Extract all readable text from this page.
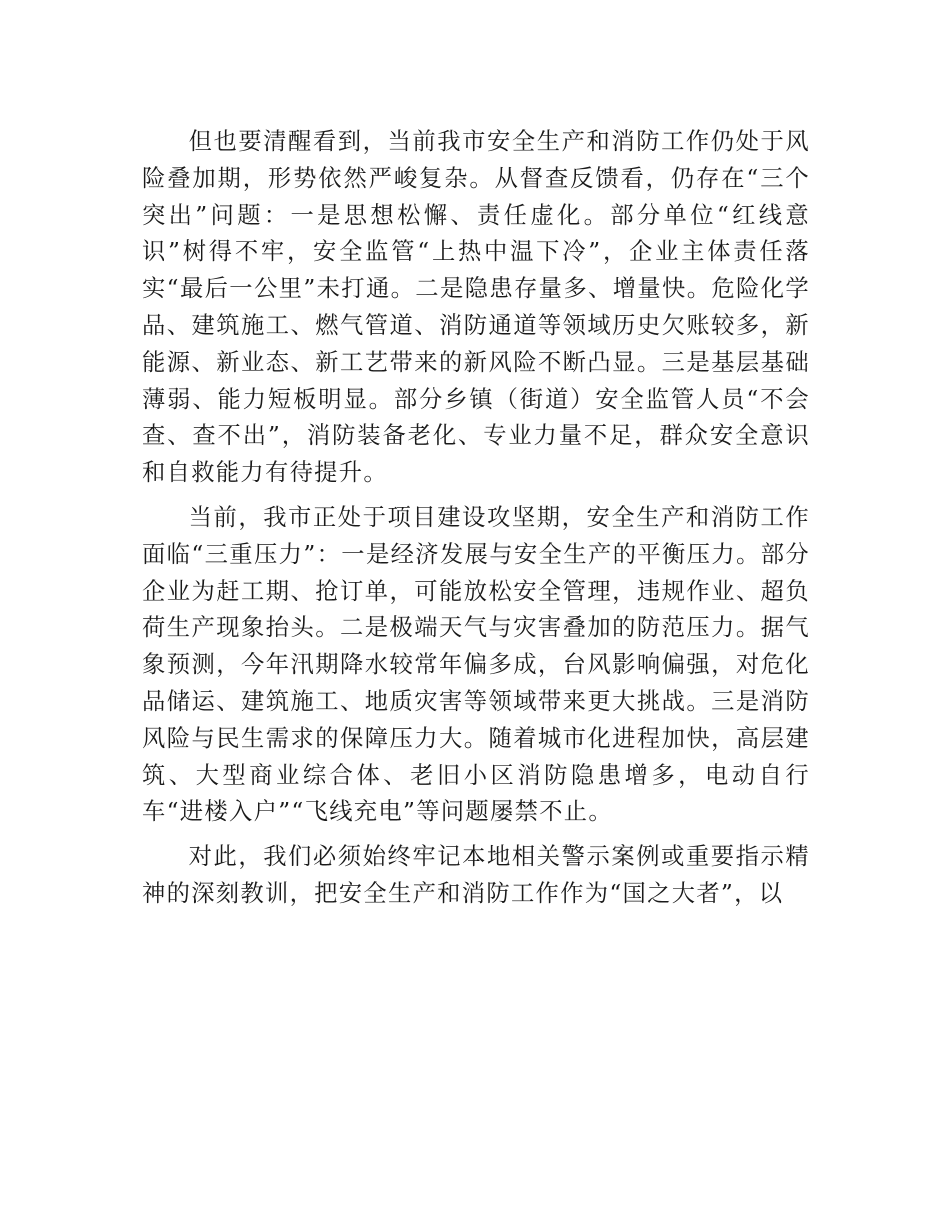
但也要清醒看到，当前我市安全生产和消防工作仍处于风险叠加期，形势依然严峻复杂。从督查反馈看，仍存在“三个突出”问题：一是思想松懈、责任虚化。部分单位“红线意识”树得不牢，安全监管“上热中温下冷”，企业主体责任落实“最后一公里”未打通。二是隐患存量多、增量快。危险化学品、建筑施工、燃气管道、消防通道等领域历史欠账较多，新能源、新业态、新工艺带来的新风险不断凸显。三是基层基础薄弱、能力短板明显。部分乡镇（街道）安全监管人员“不会查、查不出”，消防装备老化、专业力量不足，群众安全意识和自救能力有待提升。

当前，我市正处于项目建设攻坚期，安全生产和消防工作面临“三重压力”：一是经济发展与安全生产的平衡压力。部分企业为赶工期、抢订单，可能放松安全管理，违规作业、超负荷生产现象抬头。二是极端天气与灾害叠加的防范压力。据气象预测，今年汛期降水较常年偏多成，台风影响偏强，对危化品储运、建筑施工、地质灾害等领域带来更大挑战。三是消防风险与民生需求的保障压力大。随着城市化进程加快，高层建筑、大型商业综合体、老旧小区消防隐患增多，电动自行车“进楼入户”“飞线充电”等问题屡禁不止。

对此，我们必须始终牢记本地相关警示案例或重要指示精神的深刻教训，把安全生产和消防工作作为“国之大者”，以
